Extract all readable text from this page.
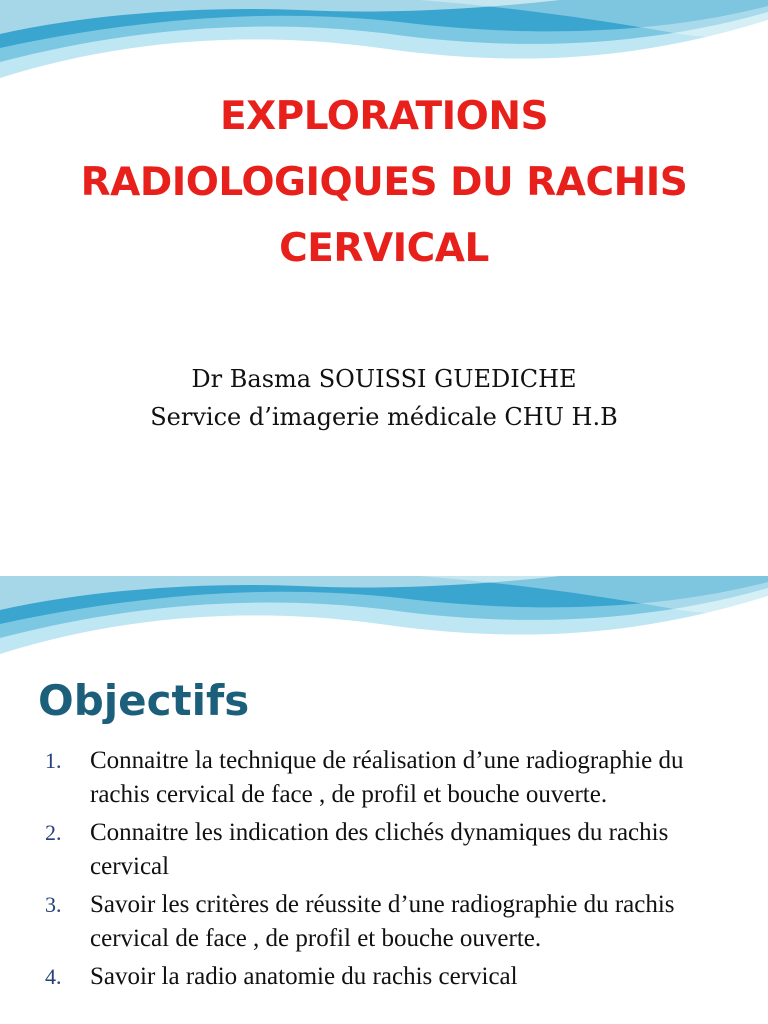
EXPLORATIONS
RADIOLOGIQUES DU RACHIS
CERVICAL
Dr Basma SOUISSI GUEDICHE
Service d’imagerie médicale CHU H.B
Objectifs
1. Connaitre la technique de réalisation d’une radiographie du rachis cervical de face , de profil et bouche ouverte.
2. Connaitre les indication des clichés dynamiques du rachis cervical
3. Savoir les critères de réussite d’une radiographie du rachis cervical de face , de profil et bouche ouverte.
4. Savoir la radio anatomie du rachis cervical
